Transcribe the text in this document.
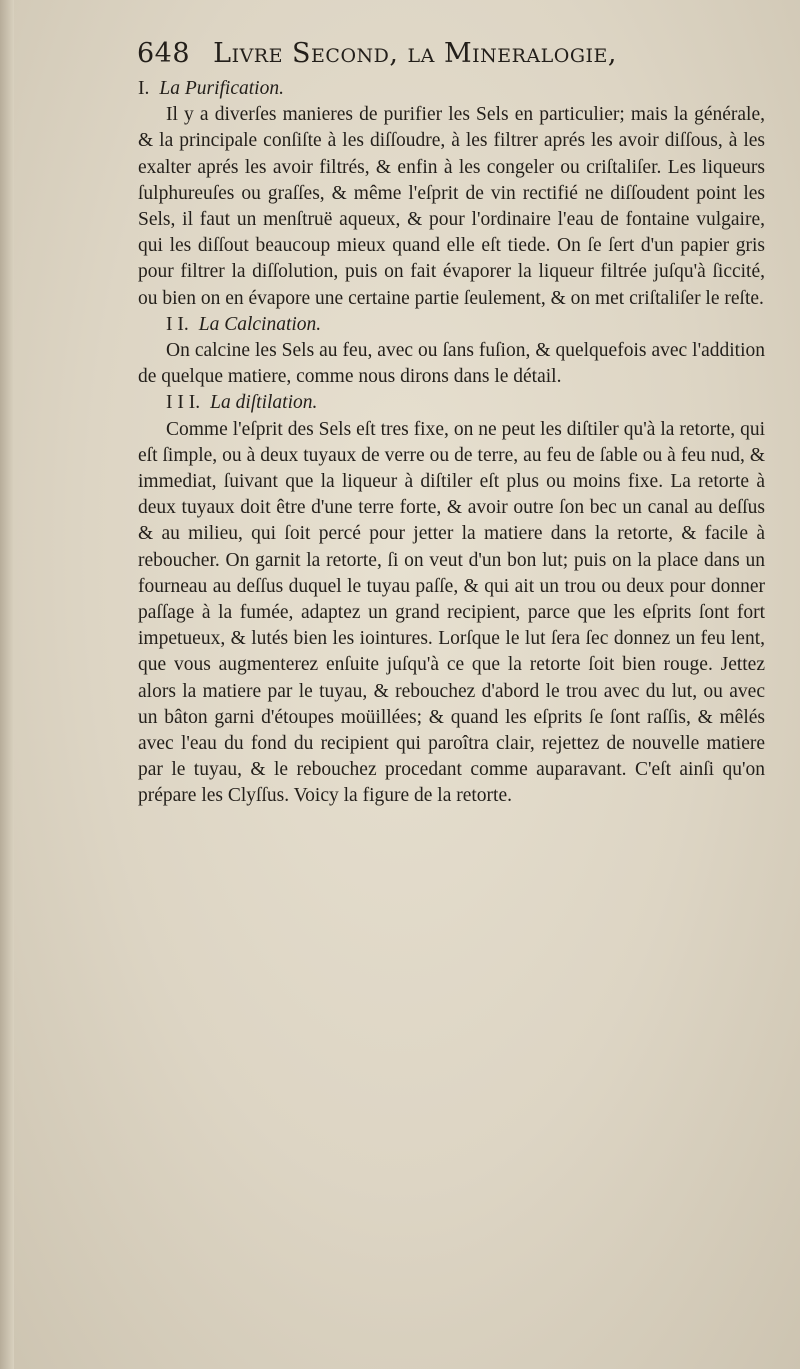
648 Livre Second, la Mineralogie,

I. La Purification.

Il y a diverſes manieres de purifier les Sels en particulier; mais la générale, & la principale conſiſte à les diſſoudre, à les filtrer aprés les avoir diſſous, à les exalter aprés les avoir filtrés, & enfin à les congeler ou criſtaliſer. Les liqueurs ſulphureuſes ou graſſes, & même l'eſprit de vin rectifié ne diſſoudent point les Sels, il faut un menſtruë aqueux, & pour l'ordinaire l'eau de fontaine vulgaire, qui les diſſout beaucoup mieux quand elle eſt tiede. On ſe ſert d'un papier gris pour filtrer la diſſolution, puis on fait évaporer la liqueur filtrée juſqu'à ſiccité, ou bien on en évapore une certaine partie ſeulement, & on met criſtaliſer le reſte.

I I. La Calcination.

On calcine les Sels au feu, avec ou ſans fuſion, & quelquefois avec l'addition de quelque matiere, comme nous dirons dans le détail.

I I I. La diſtilation.

Comme l'eſprit des Sels eſt tres fixe, on ne peut les diſtiler qu'à la retorte, qui eſt ſimple, ou à deux tuyaux de verre ou de terre, au feu de ſable ou à feu nud, & immediat, ſuivant que la liqueur à diſtiler eſt plus ou moins fixe. La retorte à deux tuyaux doit être d'une terre forte, & avoir outre ſon bec un canal au deſſus & au milieu, qui ſoit percé pour jetter la matiere dans la retorte, & facile à reboucher. On garnit la retorte, ſi on veut d'un bon lut; puis on la place dans un fourneau au deſſus duquel le tuyau paſſe, & qui ait un trou ou deux pour donner paſſage à la fumée, adaptez un grand recipient, parce que les eſprits ſont fort impetueux, & lutés bien les iointures. Lorſque le lut ſera ſec donnez un feu lent, que vous augmenterez enſuite juſqu'à ce que la retorte ſoit bien rouge. Jettez alors la matiere par le tuyau, & rebouchez d'abord le trou avec du lut, ou avec un bâton garni d'étoupes moüillées; & quand les eſprits ſe ſont raſſis, & mêlés avec l'eau du fond du recipient qui paroîtra clair, rejettez de nouvelle matiere par le tuyau, & le rebouchez procedant comme auparavant. C'eſt ainſi qu'on prépare les Clyſſus. Voicy la figure de la retorte.
